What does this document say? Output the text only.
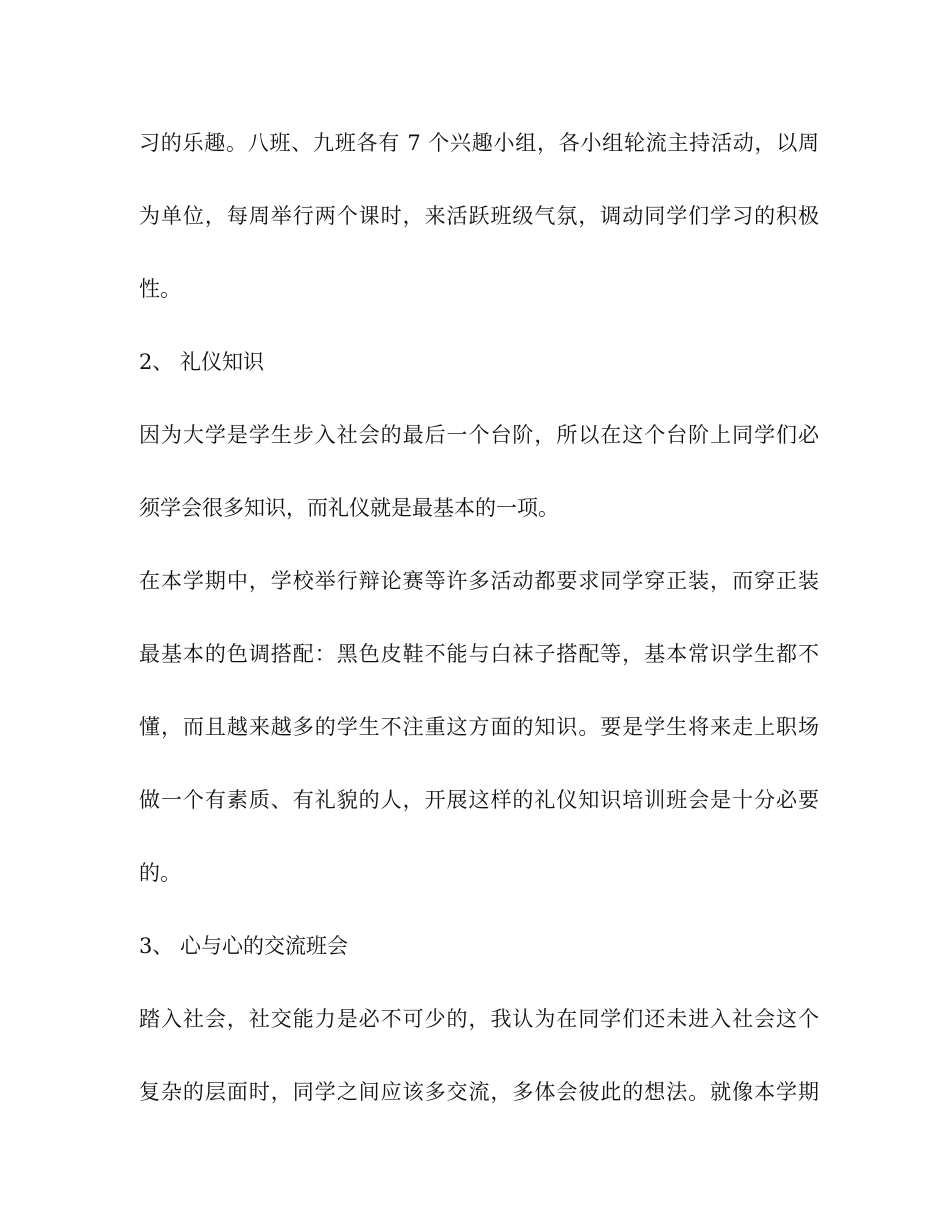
习的乐趣。八班、九班各有 7 个兴趣小组，各小组轮流主持活动，以周
为单位，每周举行两个课时，来活跃班级气氛，调动同学们学习的积极
性。
2、 礼仪知识
因为大学是学生步入社会的最后一个台阶，所以在这个台阶上同学们必
须学会很多知识，而礼仪就是最基本的一项。
在本学期中，学校举行辩论赛等许多活动都要求同学穿正装，而穿正装
最基本的色调搭配：黑色皮鞋不能与白袜子搭配等，基本常识学生都不
懂，而且越来越多的学生不注重这方面的知识。要是学生将来走上职场
做一个有素质、有礼貌的人，开展这样的礼仪知识培训班会是十分必要
的。
3、 心与心的交流班会
踏入社会，社交能力是必不可少的，我认为在同学们还未进入社会这个
复杂的层面时，同学之间应该多交流，多体会彼此的想法。就像本学期
